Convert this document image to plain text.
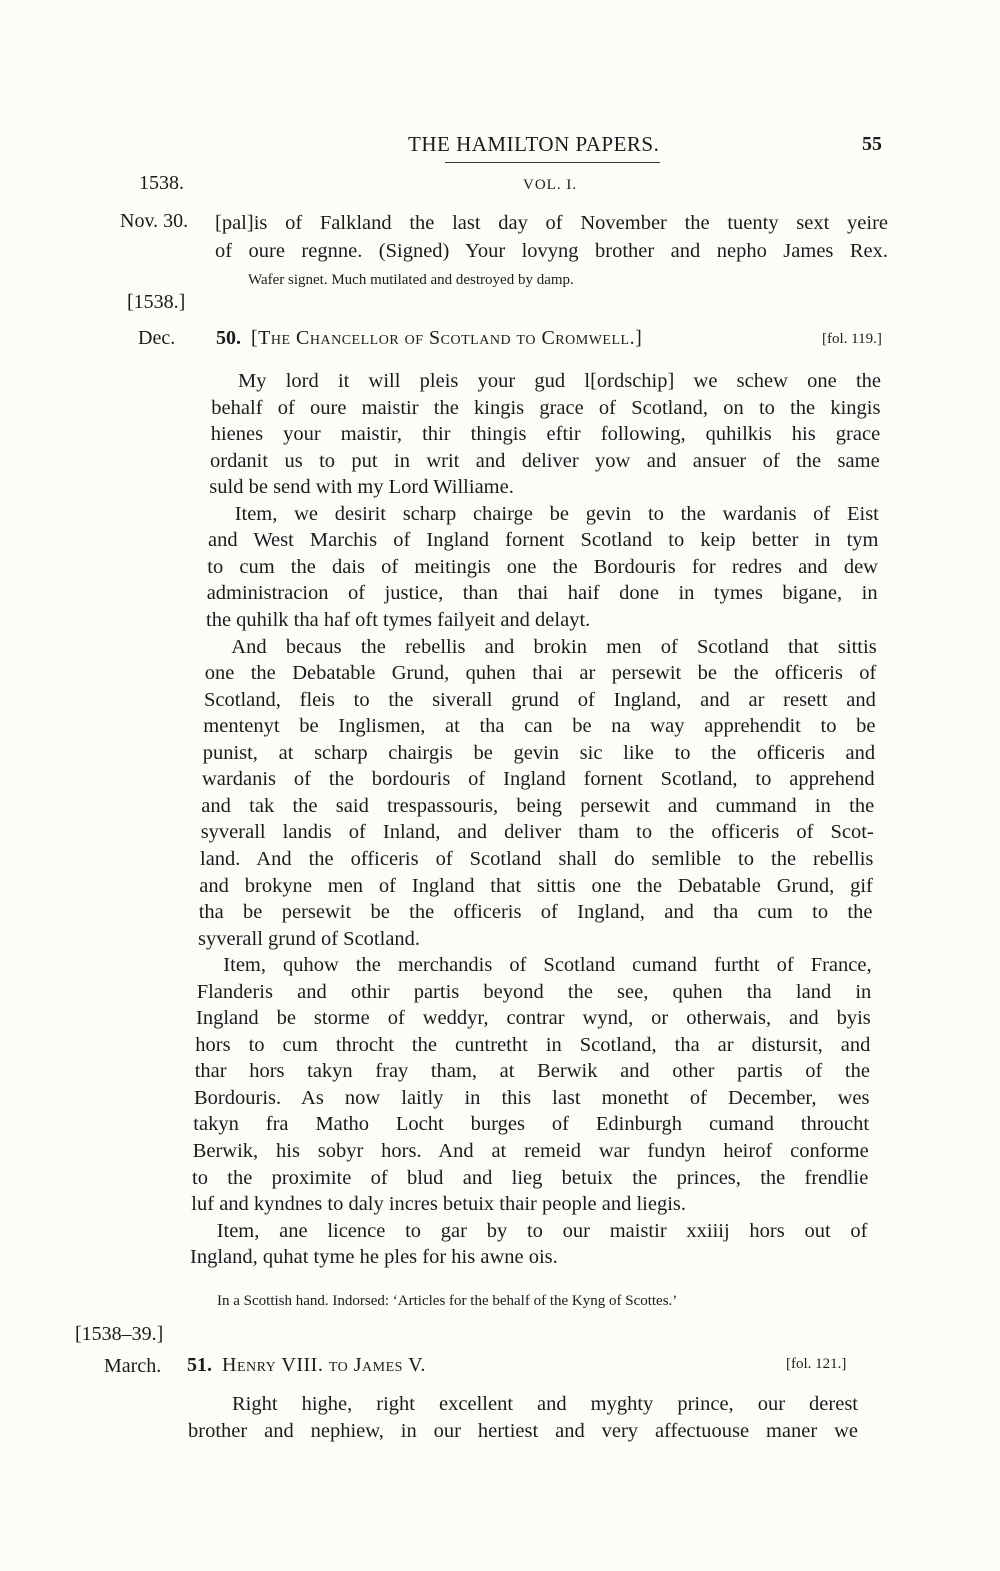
THE HAMILTON PAPERS.	55
VOL. I.
1538.
Nov. 30.
[1538.]
Dec.
[1538–39.]
March.
[pal]is of Falkland the last day of November the tuenty sext yeire
of oure regnne. (Signed) Your lovyng brother and nepho James Rex.
Wafer signet. Much mutilated and destroyed by damp.
50. [The Chancellor of Scotland to Cromwell.]	[fol. 119.]
My lord it will pleis your gud l[ordschip] we schew one the
behalf of oure maistir the kingis grace of Scotland, on to the kingis
hienes your maistir, thir thingis eftir following, quhilkis his grace
ordanit us to put in writ and deliver yow and ansuer of the same
suld be send with my Lord Williame.
Item, we desirit scharp chairge be gevin to the wardanis of Eist
and West Marchis of Ingland fornent Scotland to keip better in tym
to cum the dais of meitingis one the Bordouris for redres and dew
administracion of justice, than thai haif done in tymes bigane, in
the quhilk tha haf oft tymes failyeit and delayt.
And becaus the rebellis and brokin men of Scotland that sittis
one the Debatable Grund, quhen thai ar persewit be the officeris of
Scotland, fleis to the siverall grund of Ingland, and ar resett and
mentenyt be Inglismen, at tha can be na way apprehendit to be
punist, at scharp chairgis be gevin sic like to the officeris and
wardanis of the bordouris of Ingland fornent Scotland, to apprehend
and tak the said trespassouris, being persewit and cummand in the
syverall landis of Inland, and deliver tham to the officeris of Scot-
land. And the officeris of Scotland shall do semlible to the rebellis
and brokyne men of Ingland that sittis one the Debatable Grund, gif
tha be persewit be the officeris of Ingland, and tha cum to the
syverall grund of Scotland.
Item, quhow the merchandis of Scotland cumand furtht of France,
Flanderis and othir partis beyond the see, quhen tha land in
Ingland be storme of weddyr, contrar wynd, or otherwais, and byis
hors to cum throcht the cuntretht in Scotland, tha ar distursit, and
thar hors takyn fray tham, at Berwik and other partis of the
Bordouris. As now laitly in this last monetht of December, wes
takyn fra Matho Locht burges of Edinburgh cumand throucht
Berwik, his sobyr hors. And at remeid war fundyn heirof conforme
to the proximite of blud and lieg betuix the princes, the frendlie
luf and kyndnes to daly incres betuix thair people and liegis.
Item, ane licence to gar by to our maistir xxiiij hors out of
Ingland, quhat tyme he ples for his awne ois.
In a Scottish hand. Indorsed: ‘Articles for the behalf of the Kyng of Scottes.’
51. Henry VIII. to James V.	[fol. 121.]
Right highe, right excellent and myghty prince, our derest
brother and nephiew, in our hertiest and very affectuouse maner we
